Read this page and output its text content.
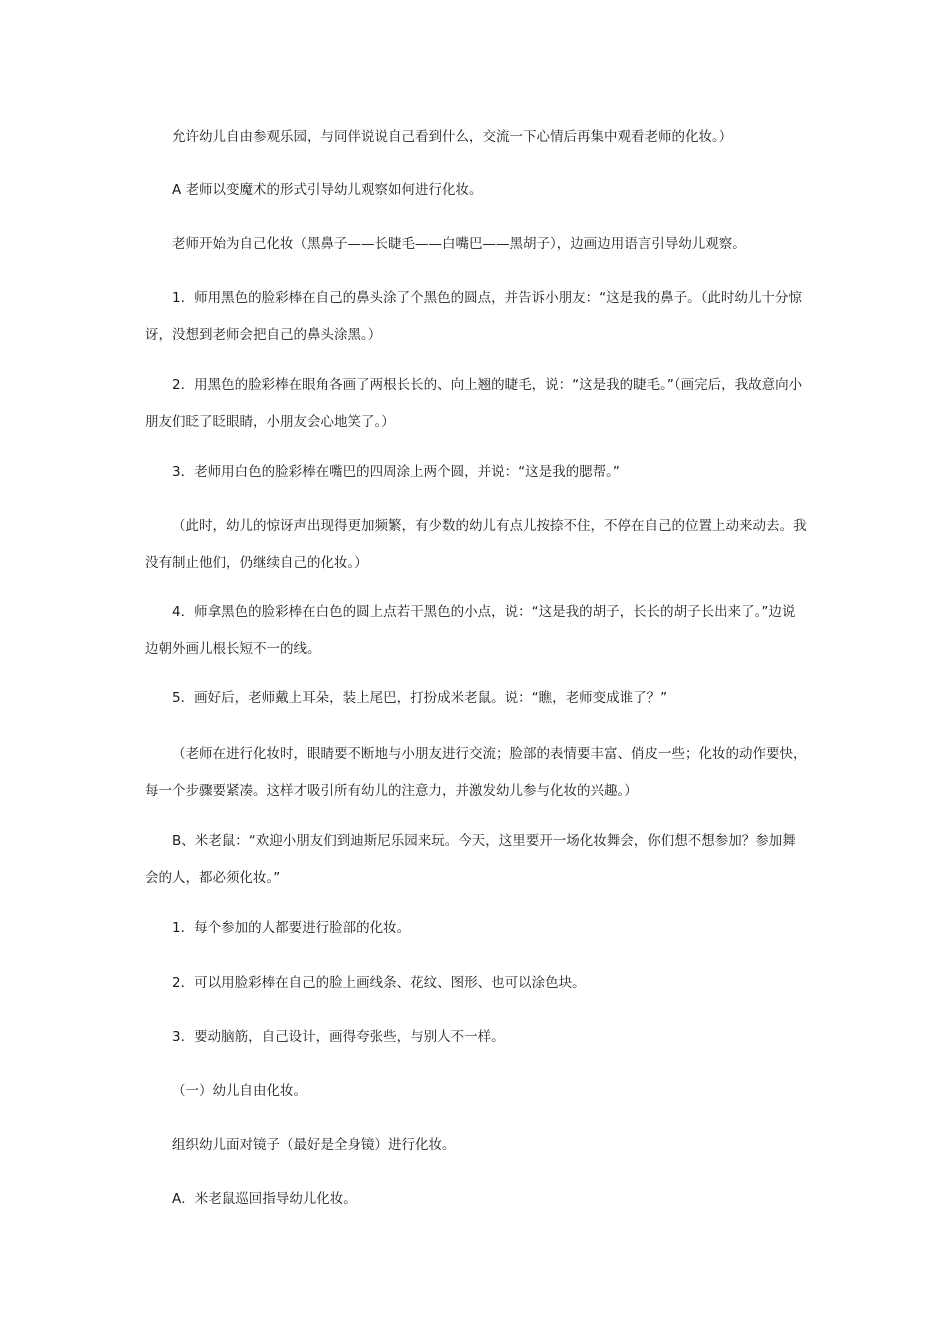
允许幼儿自由参观乐园，与同伴说说自己看到什么，交流一下心情后再集中观看老师的化妆。）

A 老师以变魔术的形式引导幼儿观察如何进行化妆。

老师开始为自己化妆（黑鼻子——长睫毛——白嘴巴——黑胡子），边画边用语言引导幼儿观察。

1．师用黑色的脸彩棒在自己的鼻头涂了个黑色的圆点，并告诉小朋友：“这是我的鼻子。（此时幼儿十分惊讶，没想到老师会把自己的鼻头涂黑。）

2．用黑色的脸彩棒在眼角各画了两根长长的、向上翘的睫毛，说：“这是我的睫毛。”（画完后，我故意向小朋友们眨了眨眼睛，小朋友会心地笑了。）

3．老师用白色的脸彩棒在嘴巴的四周涂上两个圆，并说：“这是我的腮帮。”

（此时，幼儿的惊讶声出现得更加频繁，有少数的幼儿有点儿按捺不住，不停在自己的位置上动来动去。我没有制止他们，仍继续自己的化妆。）

4．师拿黑色的脸彩棒在白色的圆上点若干黑色的小点，说：“这是我的胡子，长长的胡子长出来了。”边说边朝外画儿根长短不一的线。

5．画好后，老师戴上耳朵，装上尾巴，打扮成米老鼠。说：“瞧，老师变成谁了？”

（老师在进行化妆时，眼睛要不断地与小朋友进行交流；脸部的表情要丰富、俏皮一些；化妆的动作要快，每一个步骤要紧凑。这样才吸引所有幼儿的注意力，并激发幼儿参与化妆的兴趣。）

B、米老鼠：“欢迎小朋友们到迪斯尼乐园来玩。今天，这里要开一场化妆舞会，你们想不想参加？参加舞会的人，都必须化妆。”

1．每个参加的人都要进行脸部的化妆。

2．可以用脸彩棒在自己的脸上画线条、花纹、图形、也可以涂色块。

3．要动脑筋，自己设计，画得夸张些，与别人不一样。

（一）幼儿自由化妆。

组织幼儿面对镜子（最好是全身镜）进行化妆。

A．米老鼠巡回指导幼儿化妆。
